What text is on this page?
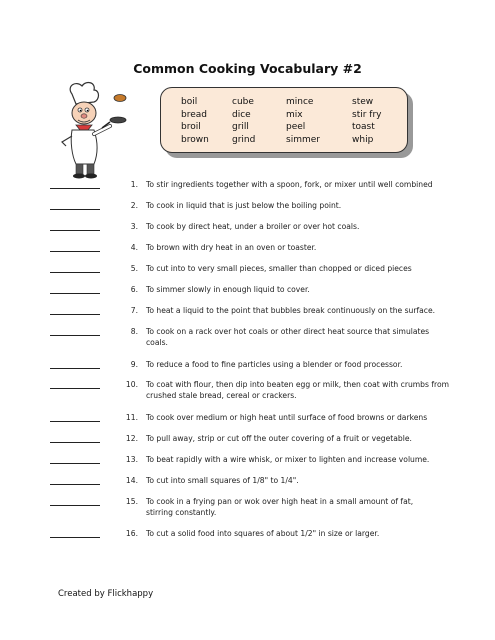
Common Cooking Vocabulary #2
boil
bread
broil
brown
cube
dice
grill
grind
mince
mix
peel
simmer
stew
stir fry
toast
whip
1. To stir ingredients together with a spoon, fork, or mixer until well combined
2. To cook in liquid that is just below the boiling point.
3. To cook by direct heat, under a broiler or over hot coals.
4. To brown with dry heat in an oven or toaster.
5. To cut into to very small pieces, smaller than chopped or diced pieces
6. To simmer slowly in enough liquid to cover.
7. To heat a liquid to the point that bubbles break continuously on the surface.
8. To cook on a rack over hot coals or other direct heat source that simulates coals.
9. To reduce a food to fine particles using a blender or food processor.
10. To coat with flour, then dip into beaten egg or milk, then coat with crumbs from crushed stale bread, cereal or crackers.
11. To cook over medium or high heat until surface of food browns or darkens
12. To pull away, strip or cut off the outer covering of a fruit or vegetable.
13. To beat rapidly with a wire whisk, or mixer to lighten and increase volume.
14. To cut into small squares of 1/8" to 1/4".
15. To cook in a frying pan or wok over high heat in a small amount of fat, stirring constantly.
16. To cut a solid food into squares of about 1/2" in size or larger.
Created by Flickhappy
